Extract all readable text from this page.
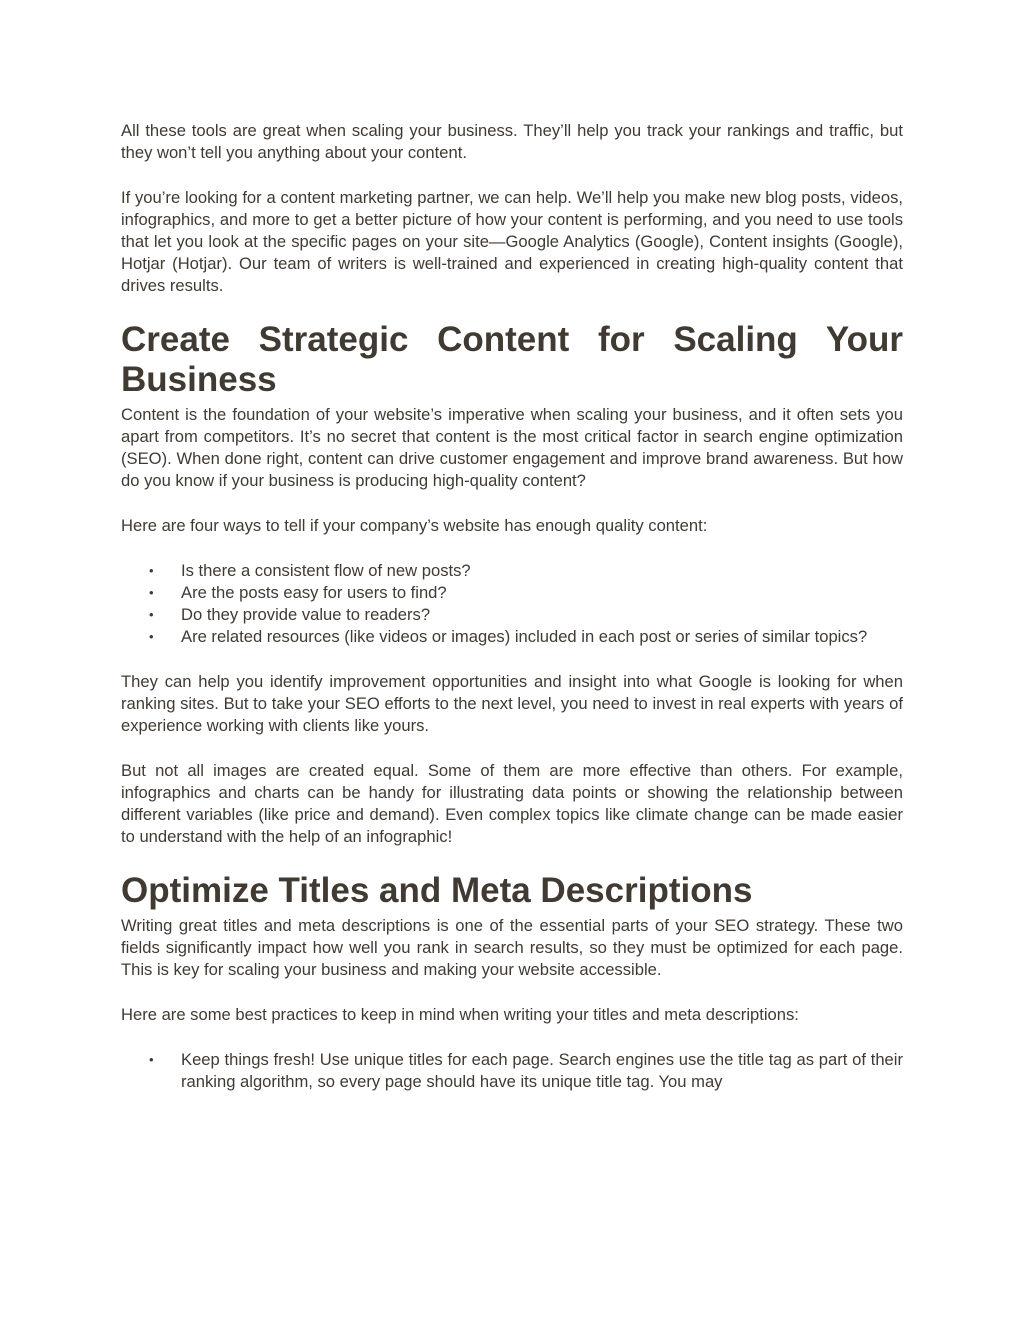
All these tools are great when scaling your business. They’ll help you track your rankings and traffic, but they won’t tell you anything about your content.

If you’re looking for a content marketing partner, we can help. We’ll help you make new blog posts, videos, infographics, and more to get a better picture of how your content is performing, and you need to use tools that let you look at the specific pages on your site—Google Analytics (Google), Content insights (Google), Hotjar (Hotjar). Our team of writers is well-trained and experienced in creating high-quality content that drives results.

Create Strategic Content for Scaling Your Business

Content is the foundation of your website’s imperative when scaling your business, and it often sets you apart from competitors. It’s no secret that content is the most critical factor in search engine optimization (SEO). When done right, content can drive customer engagement and improve brand awareness. But how do you know if your business is producing high-quality content?

Here are four ways to tell if your company’s website has enough quality content:

• Is there a consistent flow of new posts?
• Are the posts easy for users to find?
• Do they provide value to readers?
• Are related resources (like videos or images) included in each post or series of similar topics?

They can help you identify improvement opportunities and insight into what Google is looking for when ranking sites. But to take your SEO efforts to the next level, you need to invest in real experts with years of experience working with clients like yours.

But not all images are created equal. Some of them are more effective than others. For example, infographics and charts can be handy for illustrating data points or showing the relationship between different variables (like price and demand). Even complex topics like climate change can be made easier to understand with the help of an infographic!

Optimize Titles and Meta Descriptions

Writing great titles and meta descriptions is one of the essential parts of your SEO strategy. These two fields significantly impact how well you rank in search results, so they must be optimized for each page. This is key for scaling your business and making your website accessible.

Here are some best practices to keep in mind when writing your titles and meta descriptions:

• Keep things fresh! Use unique titles for each page. Search engines use the title tag as part of their ranking algorithm, so every page should have its unique title tag. You may
